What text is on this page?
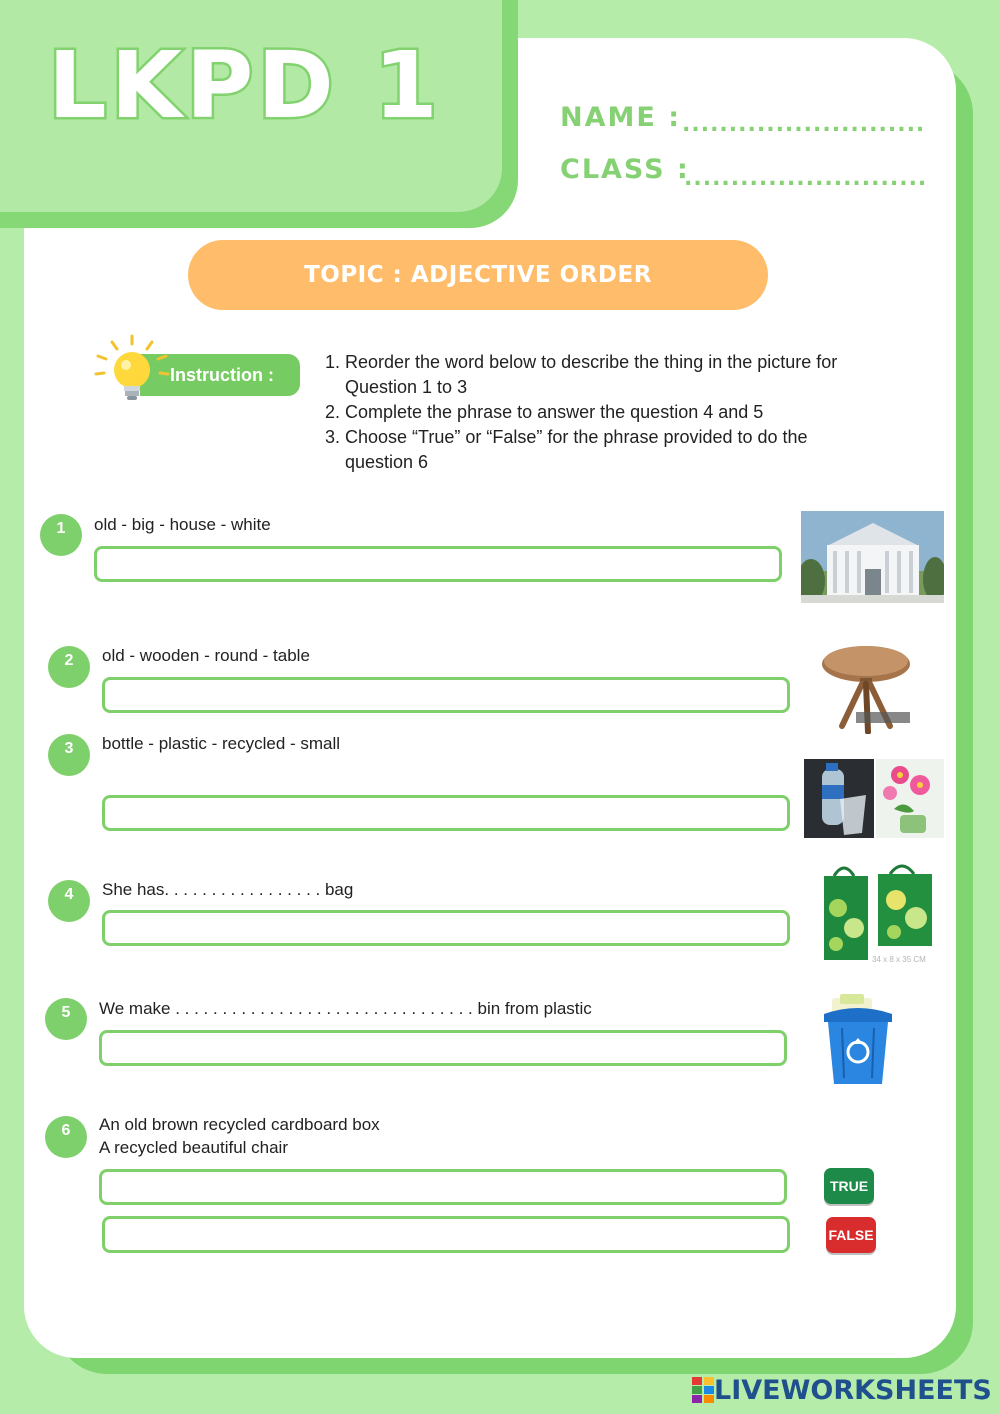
LKPD 1	NAME : ..........................
CLASS :
..........................
TOPIC : ADJECTIVE ORDER
Instruction :
1. Reorder the word below to describe the thing in the picture for Question 1 to 3
2. Complete the phrase to answer the question 4 and 5
3. Choose “True” or “False” for the phrase provided to do the question 6
1	old - big - house - white
2	old - wooden - round - table
3	bottle - plastic - recycled - small
4	She has. . . . . . . . . . . . . . . . . bag
34 x 8 x 35 CM
5	We make . . . . . . . . . . . . . . . . . . . . . . . . . . . . . . . . bin from plastic
6	An old brown recycled cardboard box
A recycled beautiful chair
TRUE
FALSE
LIVEWORKSHEETS
